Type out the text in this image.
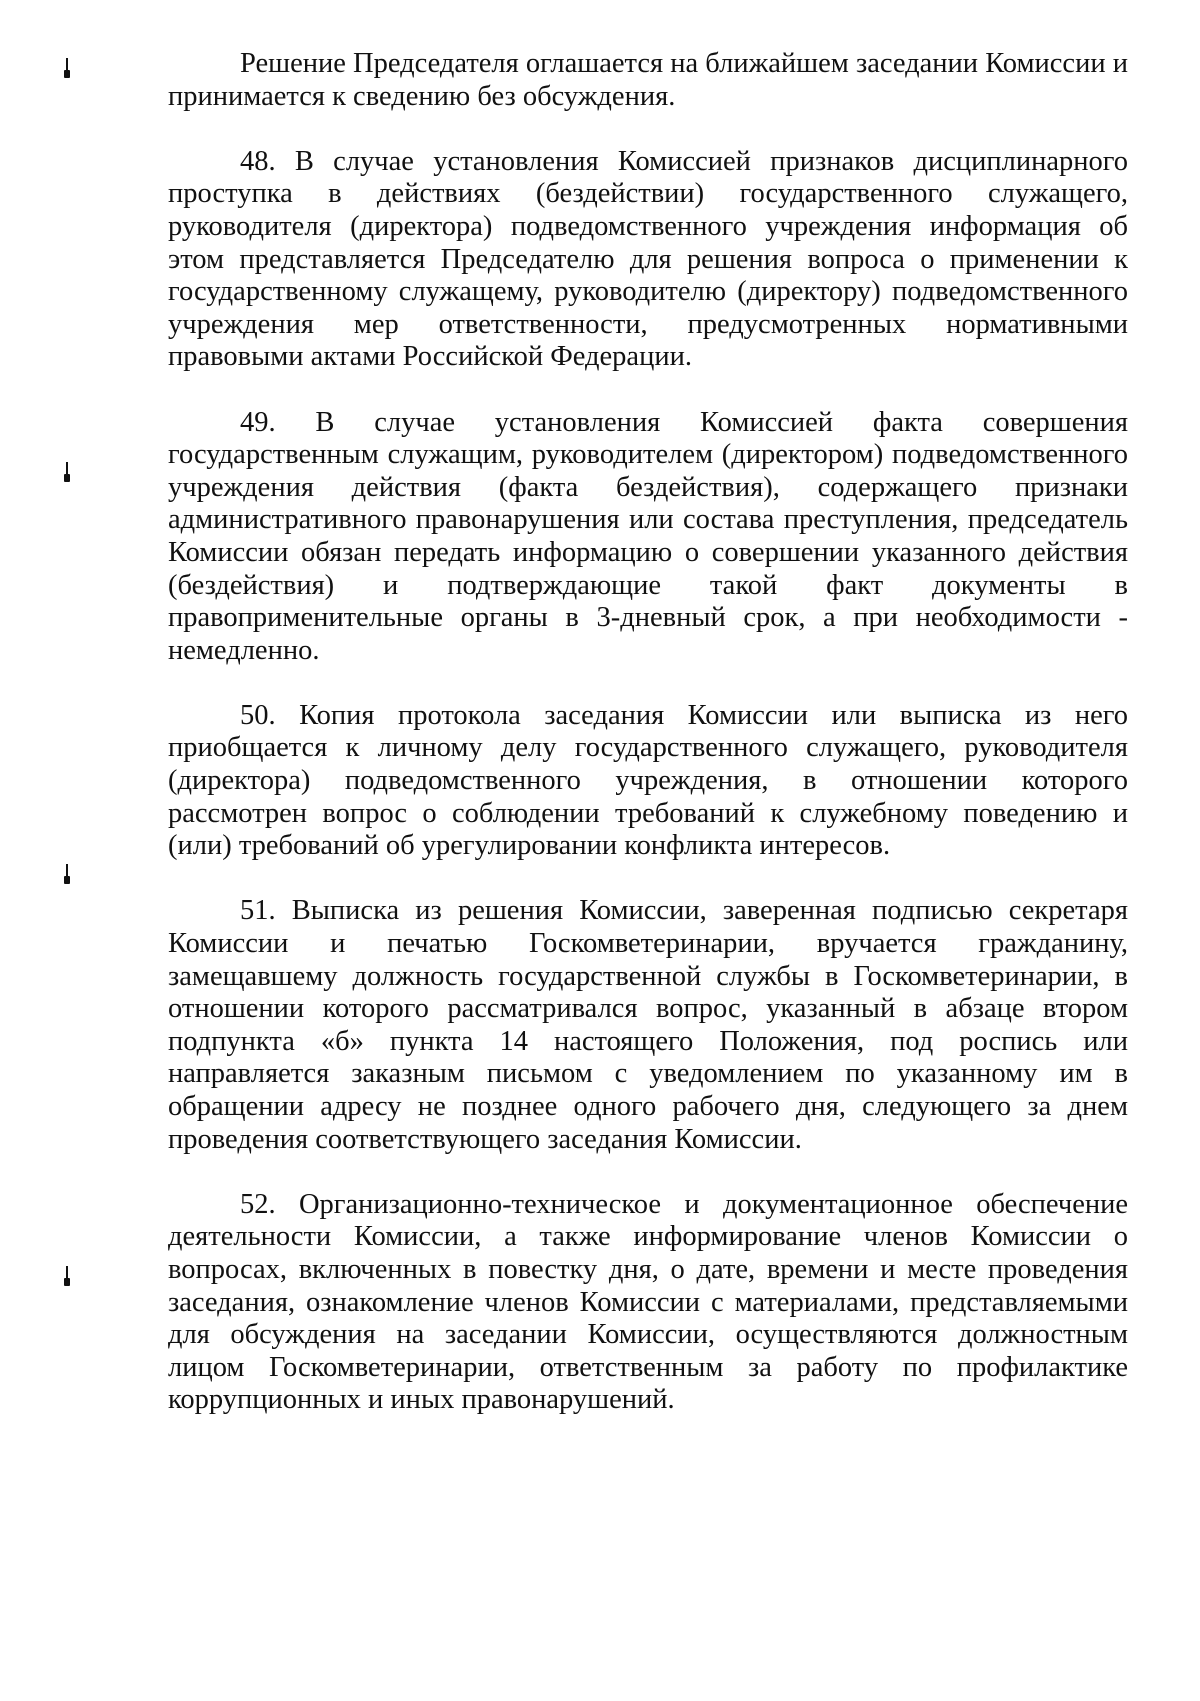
Решение Председателя оглашается на ближайшем заседании Комиссии и принимается к сведению без обсуждения.

48. В случае установления Комиссией признаков дисциплинарного проступка в действиях (бездействии) государственного служащего, руководителя (директора) подведомственного учреждения информация об этом представляется Председателю для решения вопроса о применении к государственному служащему, руководителю (директору) подведомственного учреждения мер ответственности, предусмотренных нормативными правовыми актами Российской Федерации.

49. В случае установления Комиссией факта совершения государственным служащим, руководителем (директором) подведомственного учреждения действия (факта бездействия), содержащего признаки административного правонарушения или состава преступления, председатель Комиссии обязан передать информацию о совершении указанного действия (бездействия) и подтверждающие такой факт документы в правоприменительные органы в 3-дневный срок, а при необходимости - немедленно.

50. Копия протокола заседания Комиссии или выписка из него приобщается к личному делу государственного служащего, руководителя (директора) подведомственного учреждения, в отношении которого рассмотрен вопрос о соблюдении требований к служебному поведению и (или) требований об урегулировании конфликта интересов.

51. Выписка из решения Комиссии, заверенная подписью секретаря Комиссии и печатью Госкомветеринарии, вручается гражданину, замещавшему должность государственной службы в Госкомветеринарии, в отношении которого рассматривался вопрос, указанный в абзаце втором подпункта «б» пункта 14 настоящего Положения, под роспись или направляется заказным письмом с уведомлением по указанному им в обращении адресу не позднее одного рабочего дня, следующего за днем проведения соответствующего заседания Комиссии.

52. Организационно-техническое и документационное обеспечение деятельности Комиссии, а также информирование членов Комиссии о вопросах, включенных в повестку дня, о дате, времени и месте проведения заседания, ознакомление членов Комиссии с материалами, представляемыми для обсуждения на заседании Комиссии, осуществляются должностным лицом Госкомветеринарии, ответственным за работу по профилактике коррупционных и иных правонарушений.
